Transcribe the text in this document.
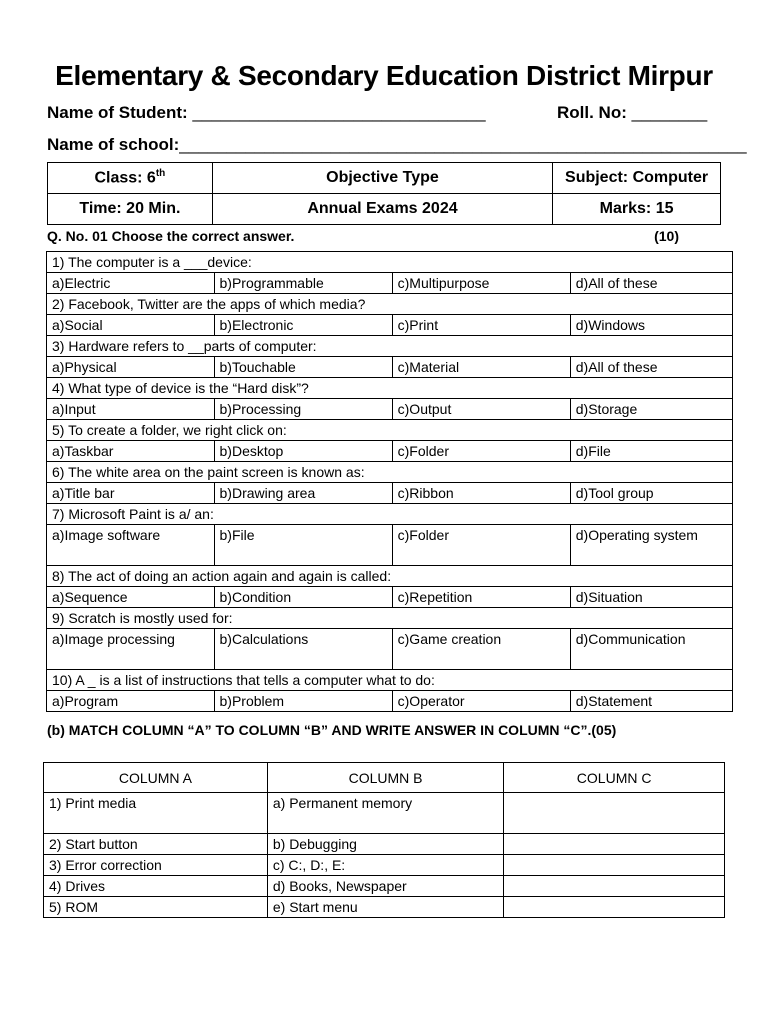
Elementary & Secondary Education District Mirpur
Name of Student: _______________________________	Roll. No: ________
Name of school:____________________________________________________________
Class: 6th	Objective Type	Subject: Computer
Time: 20 Min.	Annual Exams 2024	Marks: 15
Q. No. 01 Choose the correct answer.	(10)
1) The computer is a ___device:			
a)Electric	b)Programmable	c)Multipurpose	d)All of these
2) Facebook, Twitter are the apps of which media?			
a)Social	b)Electronic	c)Print	d)Windows
3) Hardware refers to __parts of computer:			
a)Physical	b)Touchable	c)Material	d)All of these
4) What type of device is the “Hard disk”?			
a)Input	b)Processing	c)Output	d)Storage
5) To create a folder, we right click on:			
a)Taskbar	b)Desktop	c)Folder	d)File
6) The white area on the paint screen is known as:			
a)Title bar	b)Drawing area	c)Ribbon	d)Tool group
7) Microsoft Paint is a/ an:			
a)Image software	b)File	c)Folder	d)Operating system
8) The act of doing an action again and again is called:			
a)Sequence	b)Condition	c)Repetition	d)Situation
9) Scratch is mostly used for:			
a)Image processing	b)Calculations	c)Game creation	d)Communication
10) A _ is a list of instructions that tells a computer what to do:			
a)Program	b)Problem	c)Operator	d)Statement
(b) MATCH COLUMN “A” TO COLUMN “B” AND WRITE ANSWER IN COLUMN “C”.(05)
COLUMN A	COLUMN B	COLUMN C
1) Print media	a) Permanent memory	
2) Start button	b) Debugging	
3) Error correction	c) C:, D:, E:	
4) Drives	d) Books, Newspaper	
5) ROM	e) Start menu	
